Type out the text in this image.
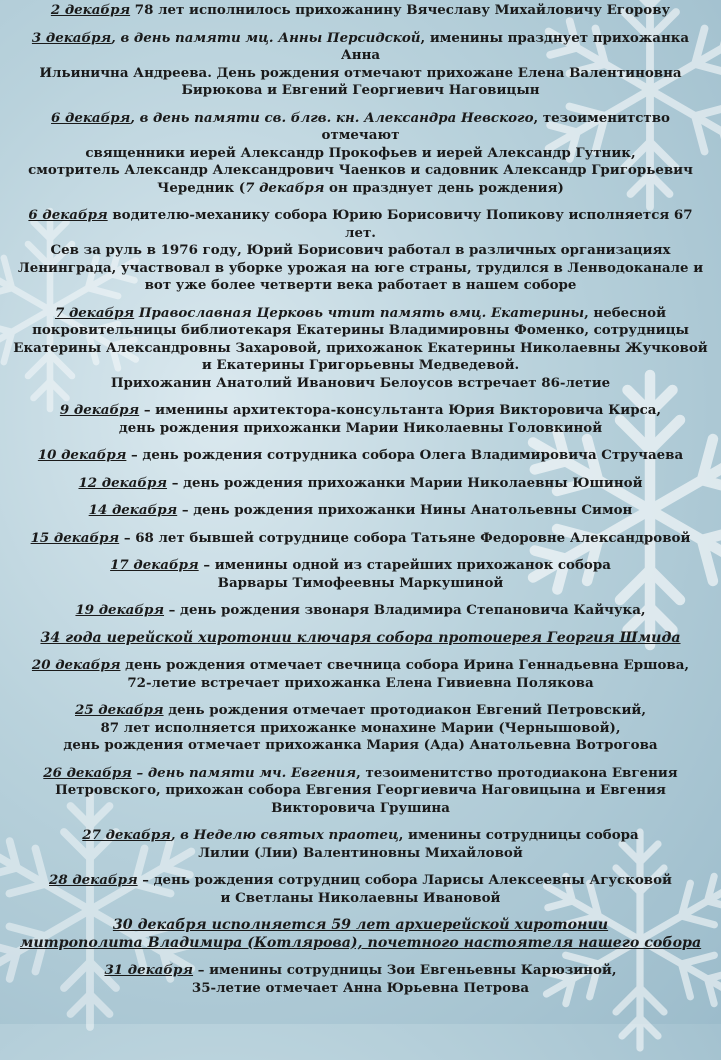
2 декабря 78 лет исполнилось прихожанину Вячеславу Михайловичу Егорову
3 декабря, в день памяти мц. Анны Персидской, именины празднует прихожанка Анна
Ильинична Андреева. День рождения отмечают прихожане Елена Валентиновна
Бирюкова и Евгений Георгиевич Наговицын
6 декабря, в день памяти св. блгв. кн. Александра Невского, тезоименитство отмечают
священники иерей Александр Прокофьев и иерей Александр Гутник,
смотритель Александр Александрович Чаенков и садовник Александр Григорьевич
Чередник (7 декабря он празднует день рождения)
6 декабря водителю-механику собора Юрию Борисовичу Попикову исполняется 67 лет.
Сев за руль в 1976 году, Юрий Борисович работал в различных организациях
Ленинграда, участвовал в уборке урожая на юге страны, трудился в Ленводоканале и
вот уже более четверти века работает в нашем соборе
7 декабря Православная Церковь чтит память вмц. Екатерины, небесной
покровительницы библиотекаря Екатерины Владимировны Фоменко, сотрудницы
Екатерины Александровны Захаровой, прихожанок Екатерины Николаевны Жучковой
и Екатерины Григорьевны Медведевой.
Прихожанин Анатолий Иванович Белоусов встречает 86-летие
9 декабря – именины архитектора-консультанта Юрия Викторовича Кирса,
день рождения прихожанки Марии Николаевны Головкиной
10 декабря – день рождения сотрудника собора Олега Владимировича Стручаева
12 декабря – день рождения прихожанки Марии Николаевны Юшиной
14 декабря – день рождения прихожанки Нины Анатольевны Симон
15 декабря – 68 лет бывшей сотруднице собора Татьяне Федоровне Александровой
17 декабря – именины одной из старейших прихожанок собора
Варвары Тимофеевны Маркушиной
19 декабря – день рождения звонаря Владимира Степановича Кайчука,
34 года иерейской хиротонии ключаря собора протоиерея Георгия Шмида
20 декабря день рождения отмечает свечница собора Ирина Геннадьевна Ершова,
72-летие встречает прихожанка Елена Гивиевна Полякова
25 декабря день рождения отмечает протодиакон Евгений Петровский,
87 лет исполняется прихожанке монахине Марии (Чернышовой),
день рождения отмечает прихожанка Мария (Ада) Анатольевна Вотрогова
26 декабря – день памяти мч. Евгения, тезоименитство протодиакона Евгения
Петровского, прихожан собора Евгения Георгиевича Наговицына и Евгения
Викторовича Грушина
27 декабря, в Неделю святых праотец, именины сотрудницы собора
Лилии (Лии) Валентиновны Михайловой
28 декабря – день рождения сотрудниц собора Ларисы Алексеевны Агусковой
и Светланы Николаевны Ивановой
30 декабря исполняется 59 лет архиерейской хиротонии
митрополита Владимира (Котлярова), почетного настоятеля нашего собора
31 декабря – именины сотрудницы Зои Евгеньевны Карюзиной,
35-летие отмечает Анна Юрьевна Петрова
